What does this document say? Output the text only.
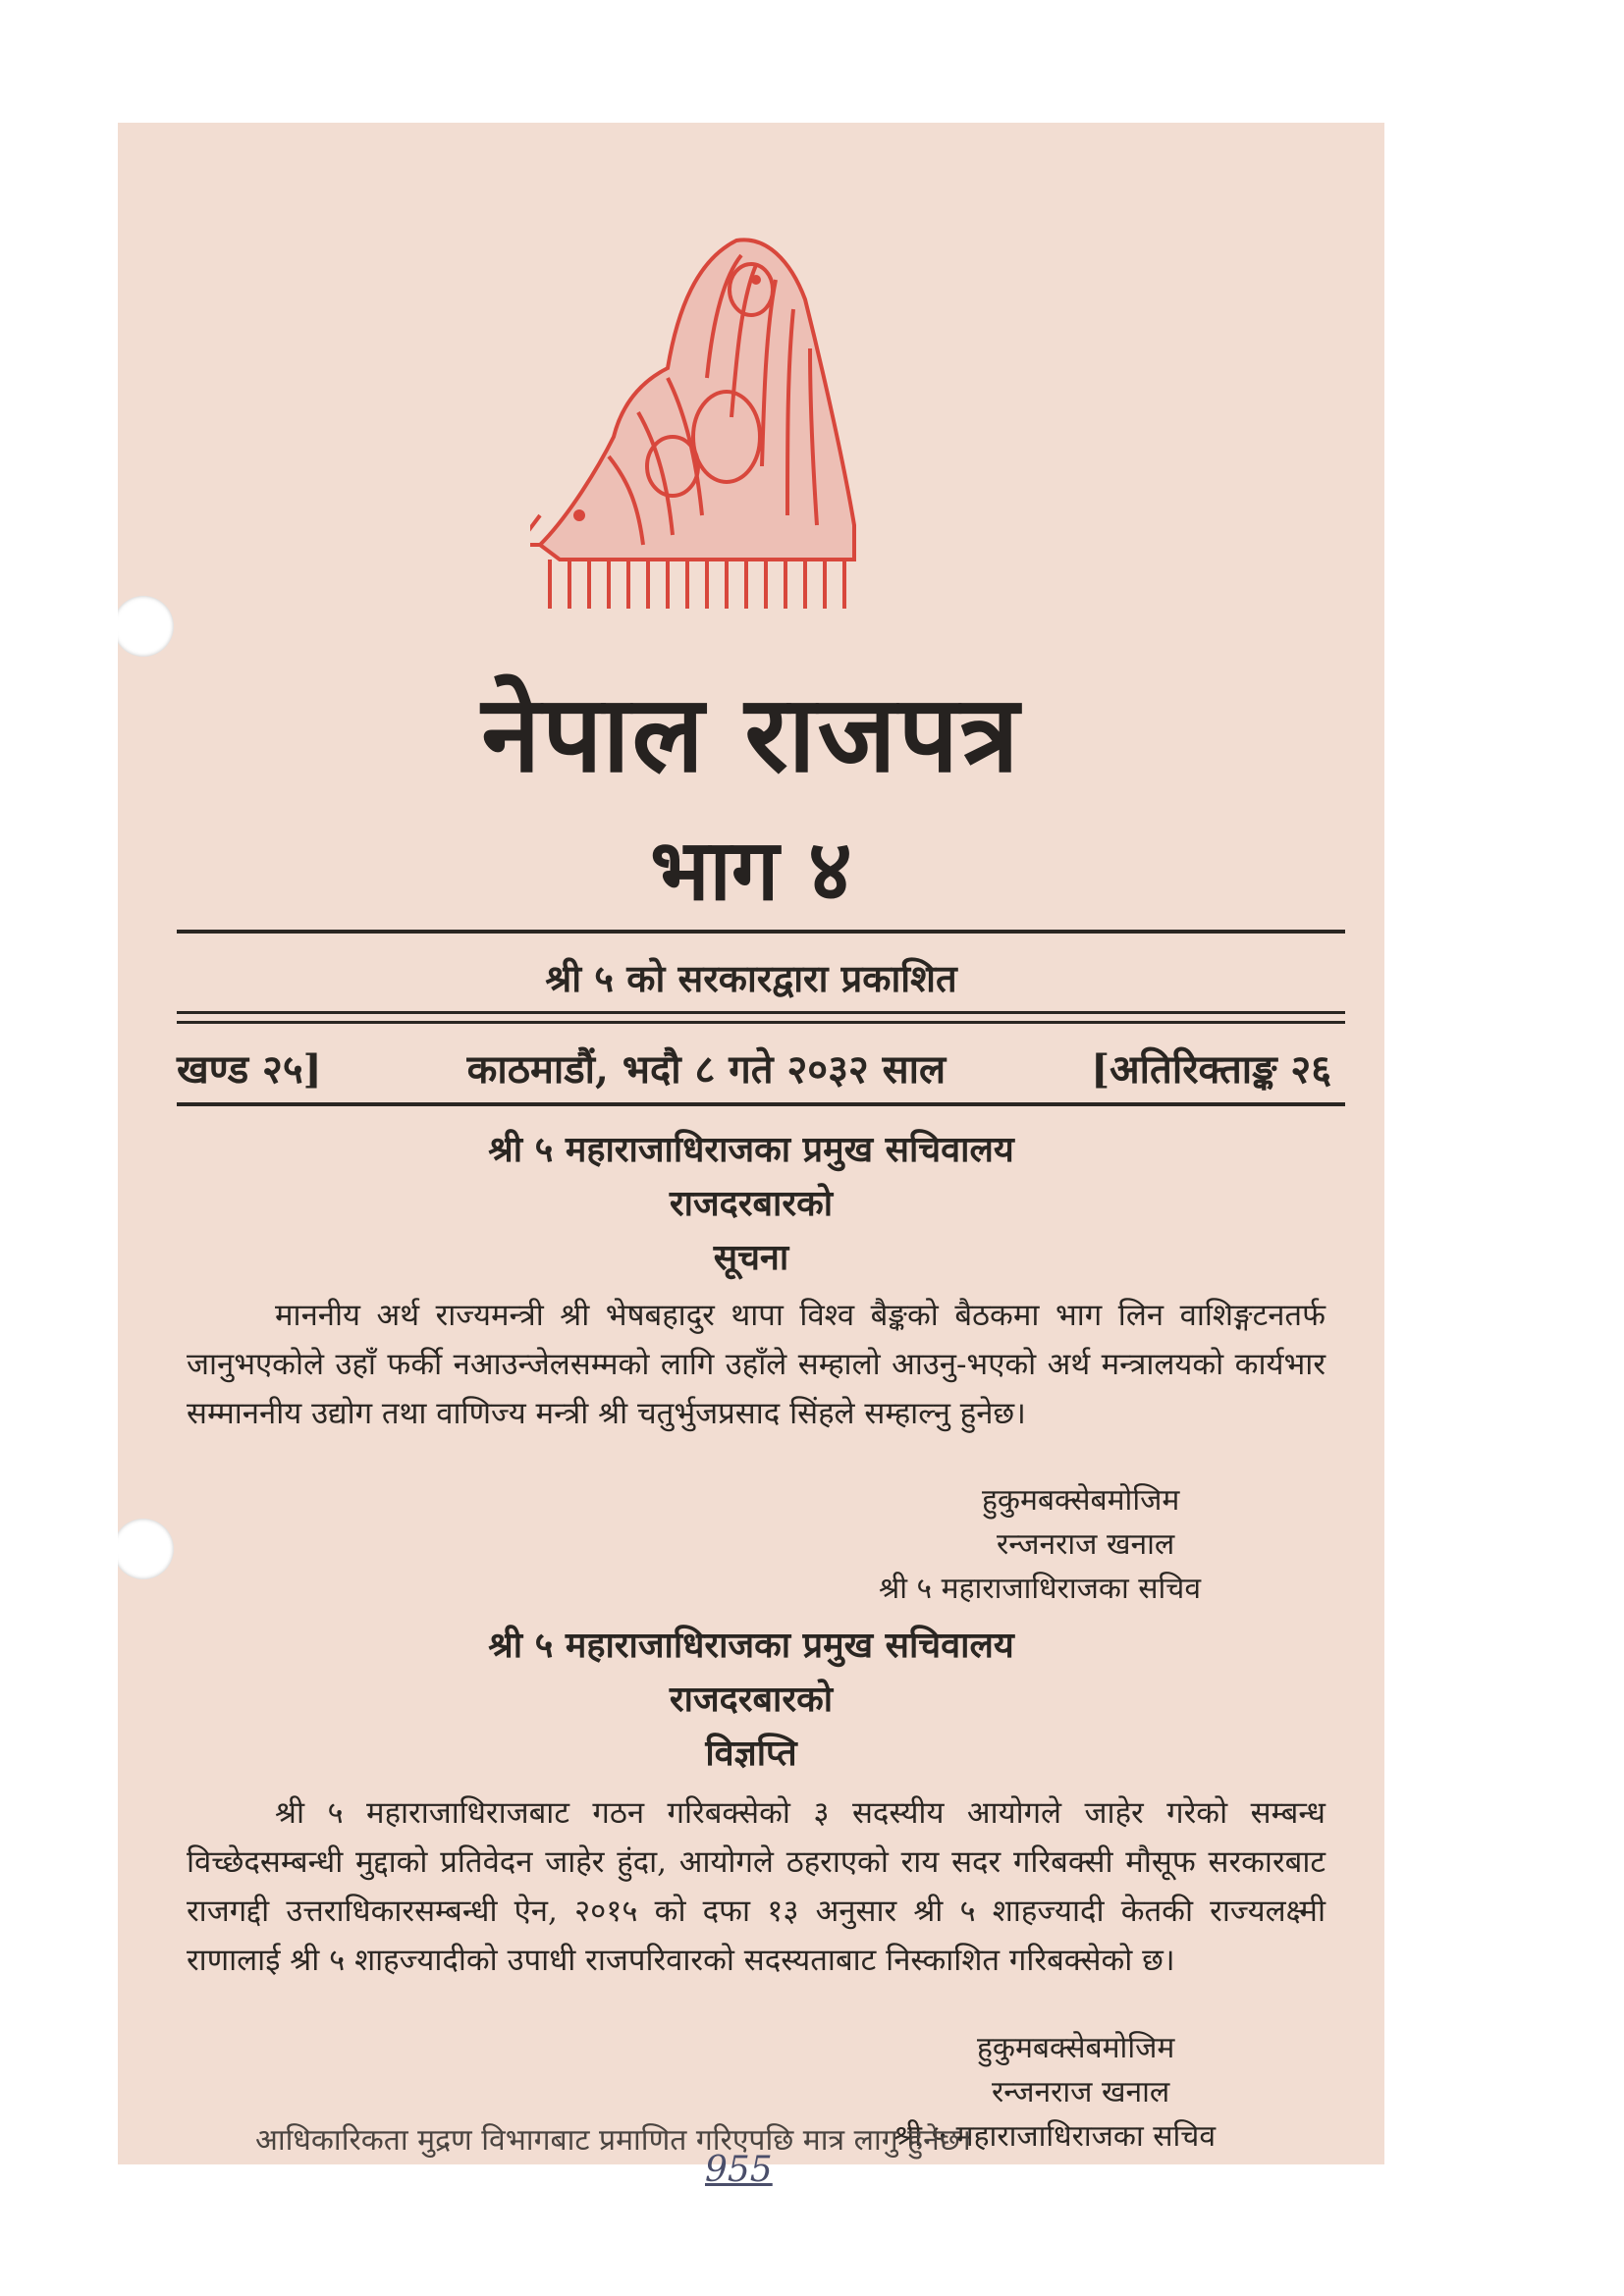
नेपाल राजपत्र
भाग ४
श्री ५ को सरकारद्वारा प्रकाशित
खण्ड २५]	काठमाडौं, भदौ ८ गते २०३२ साल	[अतिरिक्ताङ्क २६
श्री ५ महाराजाधिराजका प्रमुख सचिवालय
राजदरबारको
सूचना
माननीय अर्थ राज्यमन्त्री श्री भेषबहादुर थापा विश्व बैङ्कको बैठकमा भाग लिन वाशिङ्गटनतर्फ जानुभएकोले उहाँ फर्की नआउन्जेलसम्मको लागि उहाँले सम्हालो आउनु-भएको अर्थ मन्त्रालयको कार्यभार सम्माननीय उद्योग तथा वाणिज्य मन्त्री श्री चतुर्भुजप्रसाद सिंहले सम्हाल्नु हुनेछ।
हुकुमबक्सेबमोजिम
रन्जनराज खनाल
श्री ५ महाराजाधिराजका सचिव
श्री ५ महाराजाधिराजका प्रमुख सचिवालय
राजदरबारको
विज्ञप्ति
श्री ५ महाराजाधिराजबाट गठन गरिबक्सेको ३ सदस्यीय आयोगले जाहेर गरेको सम्बन्ध विच्छेदसम्बन्धी मुद्दाको प्रतिवेदन जाहेर हुंदा, आयोगले ठहराएको राय सदर गरिबक्सी मौसूफ सरकारबाट राजगद्दी उत्तराधिकारसम्बन्धी ऐन, २०१५ को दफा १३ अनुसार श्री ५ शाहज्यादी केतकी राज्यलक्ष्मी राणालाई श्री ५ शाहज्यादीको उपाधी राजपरिवारको सदस्यताबाट निस्काशित गरिबक्सेको छ।
हुकुमबक्सेबमोजिम
रन्जनराज खनाल
श्री ५ महाराजाधिराजका सचिव
​
आधिकारिकता मुद्रण विभागबाट प्रमाणित गरिएपछि मात्र लागु हुनेछ।
955
